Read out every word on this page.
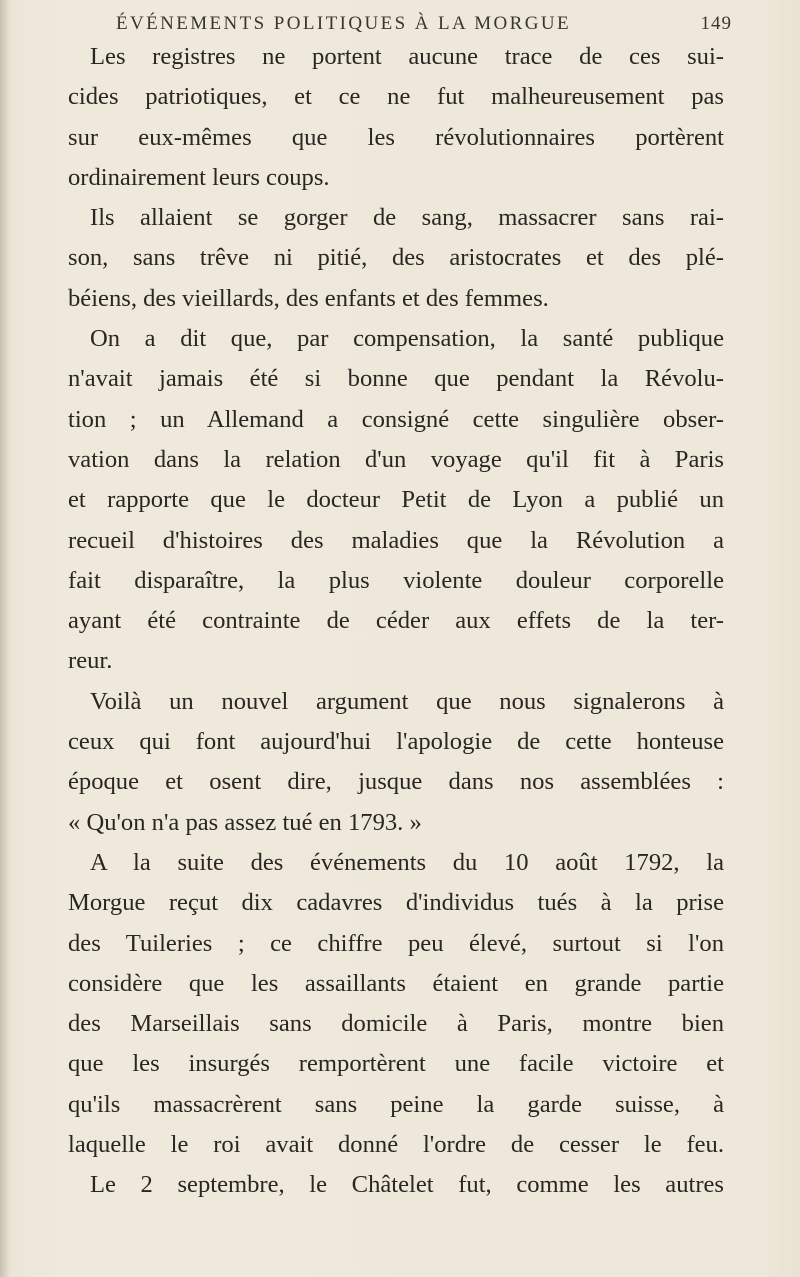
ÉVÉNEMENTS POLITIQUES À LA MORGUE	149
Les registres ne portent aucune trace de ces sui-
cides patriotiques, et ce ne fut malheureusement pas
sur eux-mêmes que les révolutionnaires portèrent
ordinairement leurs coups.
Ils allaient se gorger de sang, massacrer sans rai-
son, sans trêve ni pitié, des aristocrates et des plé-
béiens, des vieillards, des enfants et des femmes.
On a dit que, par compensation, la santé publique
n'avait jamais été si bonne que pendant la Révolu-
tion ; un Allemand a consigné cette singulière obser-
vation dans la relation d'un voyage qu'il fit à Paris
et rapporte que le docteur Petit de Lyon a publié un
recueil d'histoires des maladies que la Révolution a
fait disparaître, la plus violente douleur corporelle
ayant été contrainte de céder aux effets de la ter-
reur.
Voilà un nouvel argument que nous signalerons à
ceux qui font aujourd'hui l'apologie de cette honteuse
époque et osent dire, jusque dans nos assemblées :
« Qu'on n'a pas assez tué en 1793. »
A la suite des événements du 10 août 1792, la
Morgue reçut dix cadavres d'individus tués à la prise
des Tuileries ; ce chiffre peu élevé, surtout si l'on
considère que les assaillants étaient en grande partie
des Marseillais sans domicile à Paris, montre bien
que les insurgés remportèrent une facile victoire et
qu'ils massacrèrent sans peine la garde suisse, à
laquelle le roi avait donné l'ordre de cesser le feu.
Le 2 septembre, le Châtelet fut, comme les autres
